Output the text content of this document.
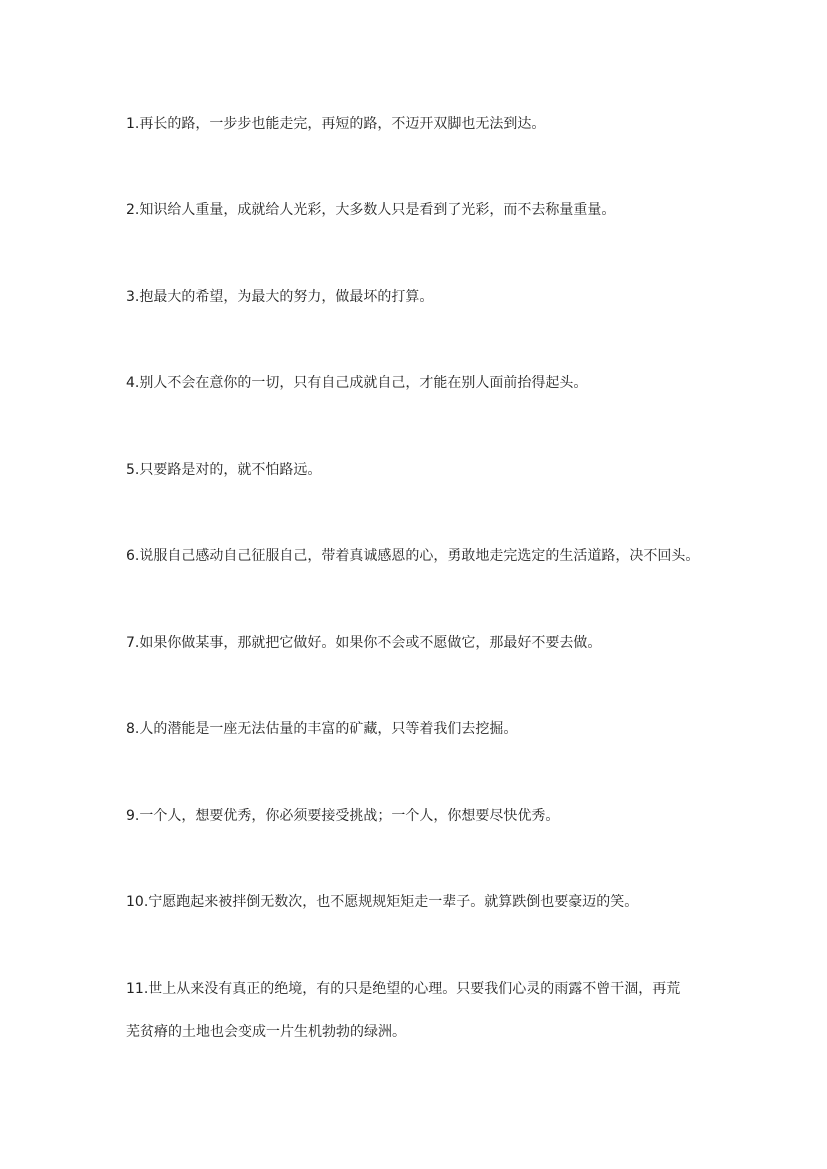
1.再长的路，一步步也能走完，再短的路，不迈开双脚也无法到达。
2.知识给人重量，成就给人光彩，大多数人只是看到了光彩，而不去称量重量。
3.抱最大的希望，为最大的努力，做最坏的打算。
4.别人不会在意你的一切，只有自己成就自己，才能在别人面前抬得起头。
5.只要路是对的，就不怕路远。
6.说服自己感动自己征服自己，带着真诚感恩的心，勇敢地走完选定的生活道路，决不回头。
7.如果你做某事，那就把它做好。如果你不会或不愿做它，那最好不要去做。
8.人的潜能是一座无法估量的丰富的矿藏，只等着我们去挖掘。
9.一个人，想要优秀，你必须要接受挑战；一个人，你想要尽快优秀。
10.宁愿跑起来被拌倒无数次，也不愿规规矩矩走一辈子。就算跌倒也要豪迈的笑。
11.世上从来没有真正的绝境，有的只是绝望的心理。只要我们心灵的雨露不曾干涸，再荒
芜贫瘠的土地也会变成一片生机勃勃的绿洲。
